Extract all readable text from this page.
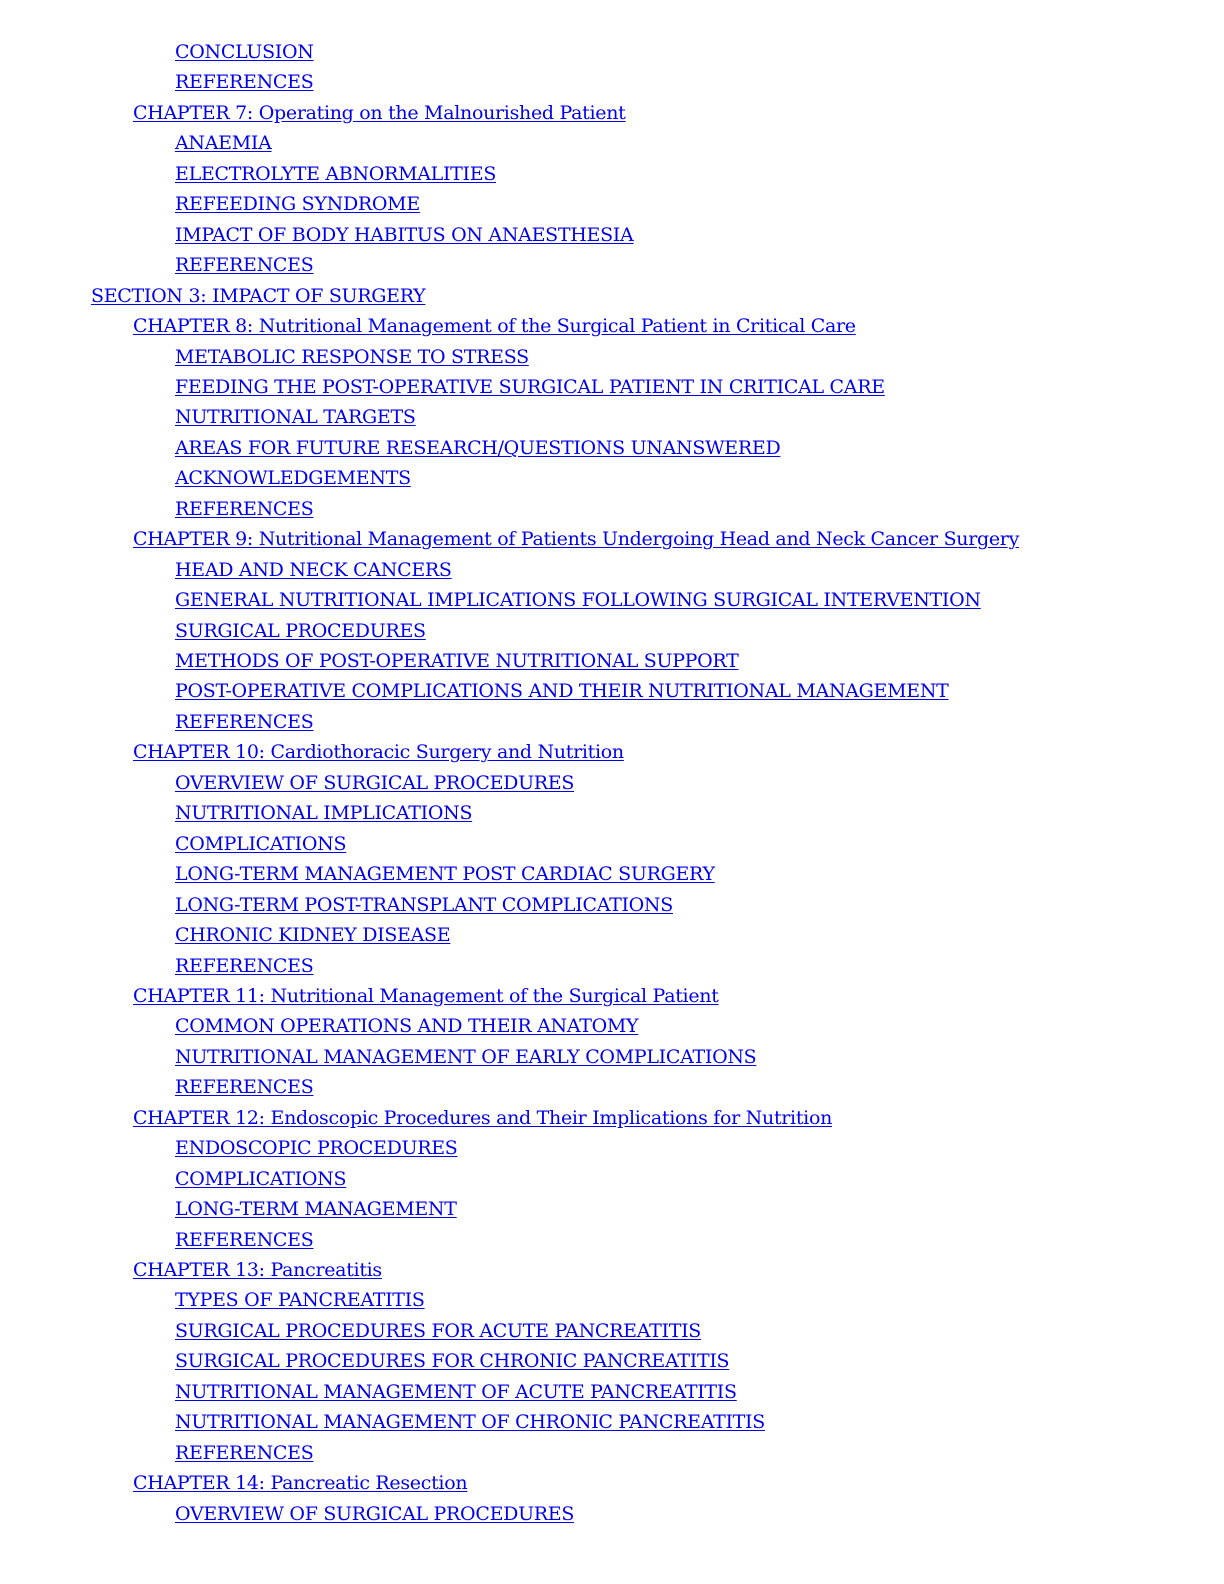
CONCLUSION
REFERENCES
CHAPTER 7: Operating on the Malnourished Patient
ANAEMIA
ELECTROLYTE ABNORMALITIES
REFEEDING SYNDROME
IMPACT OF BODY HABITUS ON ANAESTHESIA
REFERENCES
SECTION 3: IMPACT OF SURGERY
CHAPTER 8: Nutritional Management of the Surgical Patient in Critical Care
METABOLIC RESPONSE TO STRESS
FEEDING THE POST-OPERATIVE SURGICAL PATIENT IN CRITICAL CARE
NUTRITIONAL TARGETS
AREAS FOR FUTURE RESEARCH/QUESTIONS UNANSWERED
ACKNOWLEDGEMENTS
REFERENCES
CHAPTER 9: Nutritional Management of Patients Undergoing Head and Neck Cancer Surgery
HEAD AND NECK CANCERS
GENERAL NUTRITIONAL IMPLICATIONS FOLLOWING SURGICAL INTERVENTION
SURGICAL PROCEDURES
METHODS OF POST-OPERATIVE NUTRITIONAL SUPPORT
POST-OPERATIVE COMPLICATIONS AND THEIR NUTRITIONAL MANAGEMENT
REFERENCES
CHAPTER 10: Cardiothoracic Surgery and Nutrition
OVERVIEW OF SURGICAL PROCEDURES
NUTRITIONAL IMPLICATIONS
COMPLICATIONS
LONG-TERM MANAGEMENT POST CARDIAC SURGERY
LONG-TERM POST-TRANSPLANT COMPLICATIONS
CHRONIC KIDNEY DISEASE
REFERENCES
CHAPTER 11: Nutritional Management of the Surgical Patient
COMMON OPERATIONS AND THEIR ANATOMY
NUTRITIONAL MANAGEMENT OF EARLY COMPLICATIONS
REFERENCES
CHAPTER 12: Endoscopic Procedures and Their Implications for Nutrition
ENDOSCOPIC PROCEDURES
COMPLICATIONS
LONG-TERM MANAGEMENT
REFERENCES
CHAPTER 13: Pancreatitis
TYPES OF PANCREATITIS
SURGICAL PROCEDURES FOR ACUTE PANCREATITIS
SURGICAL PROCEDURES FOR CHRONIC PANCREATITIS
NUTRITIONAL MANAGEMENT OF ACUTE PANCREATITIS
NUTRITIONAL MANAGEMENT OF CHRONIC PANCREATITIS
REFERENCES
CHAPTER 14: Pancreatic Resection
OVERVIEW OF SURGICAL PROCEDURES
